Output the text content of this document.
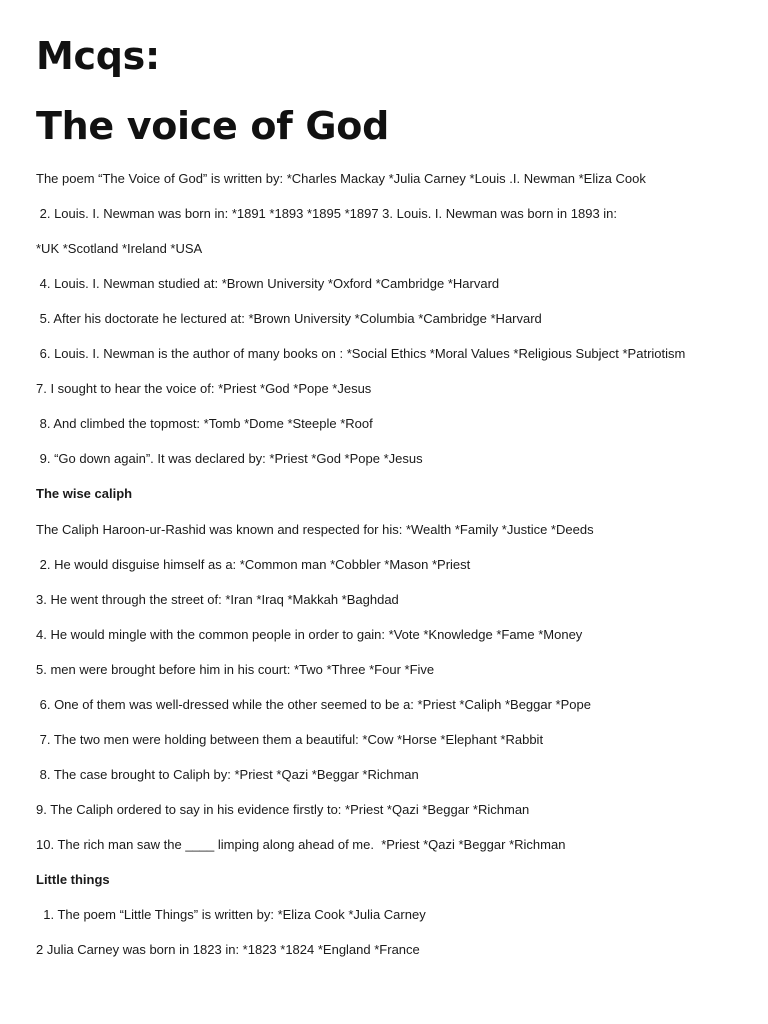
Mcqs:
The voice of God
The poem “The Voice of God” is written by: *Charles Mackay *Julia Carney *Louis .I. Newman *Eliza Cook
2. Louis. I. Newman was born in: *1891 *1893 *1895 *1897 3. Louis. I. Newman was born in 1893 in:
*UK *Scotland *Ireland *USA
4. Louis. I. Newman studied at: *Brown University *Oxford *Cambridge *Harvard
5. After his doctorate he lectured at: *Brown University *Columbia *Cambridge *Harvard
6. Louis. I. Newman is the author of many books on : *Social Ethics *Moral Values *Religious Subject *Patriotism
7. I sought to hear the voice of: *Priest *God *Pope *Jesus
8. And climbed the topmost: *Tomb *Dome *Steeple *Roof
9. “Go down again”. It was declared by: *Priest *God *Pope *Jesus
The wise caliph
The Caliph Haroon-ur-Rashid was known and respected for his: *Wealth *Family *Justice *Deeds
2. He would disguise himself as a: *Common man *Cobbler *Mason *Priest
3. He went through the street of: *Iran *Iraq *Makkah *Baghdad
4. He would mingle with the common people in order to gain: *Vote *Knowledge *Fame *Money
5. men were brought before him in his court: *Two *Three *Four *Five
6. One of them was well-dressed while the other seemed to be a: *Priest *Caliph *Beggar *Pope
7. The two men were holding between them a beautiful: *Cow *Horse *Elephant *Rabbit
8. The case brought to Caliph by: *Priest *Qazi *Beggar *Richman
9. The Caliph ordered to say in his evidence firstly to: *Priest *Qazi *Beggar *Richman
10. The rich man saw the ____ limping along ahead of me.  *Priest *Qazi *Beggar *Richman
Little things
1. The poem “Little Things” is written by: *Eliza Cook *Julia Carney
2 Julia Carney was born in 1823 in: *1823 *1824 *England *France
